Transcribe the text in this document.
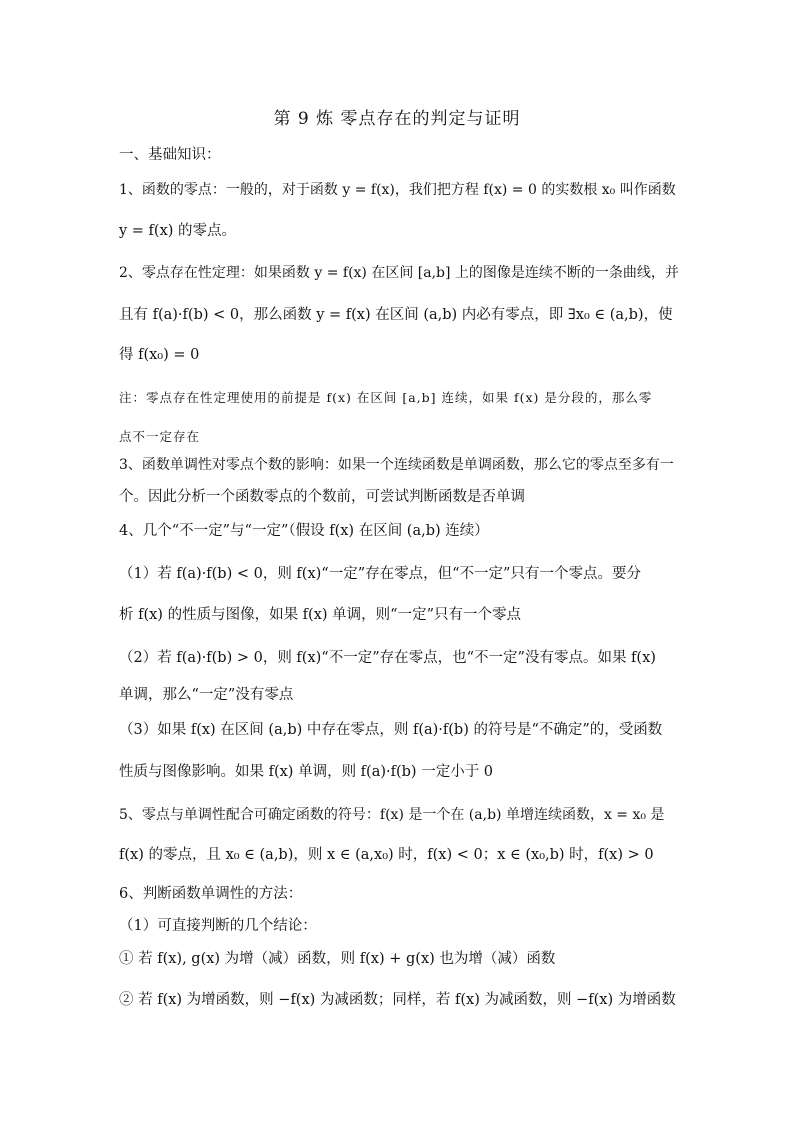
第 9 炼 零点存在的判定与证明
一、基础知识：
1、函数的零点：一般的，对于函数 y = f(x)，我们把方程 f(x) = 0 的实数根 x₀ 叫作函数
y = f(x) 的零点。
2、零点存在性定理：如果函数 y = f(x) 在区间 [a,b] 上的图像是连续不断的一条曲线，并
且有 f(a)·f(b) < 0，那么函数 y = f(x) 在区间 (a,b) 内必有零点，即 ∃x₀ ∈ (a,b)，使
得 f(x₀) = 0
注：零点存在性定理使用的前提是 f(x) 在区间 [a,b] 连续，如果 f(x) 是分段的，那么零
点不一定存在
3、函数单调性对零点个数的影响：如果一个连续函数是单调函数，那么它的零点至多有一
个。因此分析一个函数零点的个数前，可尝试判断函数是否单调
4、几个“不一定”与“一定”（假设 f(x) 在区间 (a,b) 连续）
（1）若 f(a)·f(b) < 0，则 f(x)“一定”存在零点，但“不一定”只有一个零点。要分
析 f(x) 的性质与图像，如果 f(x) 单调，则“一定”只有一个零点
（2）若 f(a)·f(b) > 0，则 f(x)“不一定”存在零点，也“不一定”没有零点。如果 f(x)
单调，那么“一定”没有零点
（3）如果 f(x) 在区间 (a,b) 中存在零点，则 f(a)·f(b) 的符号是“不确定”的，受函数
性质与图像影响。如果 f(x) 单调，则 f(a)·f(b) 一定小于 0
5、零点与单调性配合可确定函数的符号：f(x) 是一个在 (a,b) 单增连续函数，x = x₀ 是
f(x) 的零点，且 x₀ ∈ (a,b)，则 x ∈ (a,x₀) 时，f(x) < 0；x ∈ (x₀,b) 时，f(x) > 0
6、判断函数单调性的方法：
（1）可直接判断的几个结论：
① 若 f(x), g(x) 为增（减）函数，则 f(x) + g(x) 也为增（减）函数
② 若 f(x) 为增函数，则 −f(x) 为减函数；同样，若 f(x) 为减函数，则 −f(x) 为增函数
